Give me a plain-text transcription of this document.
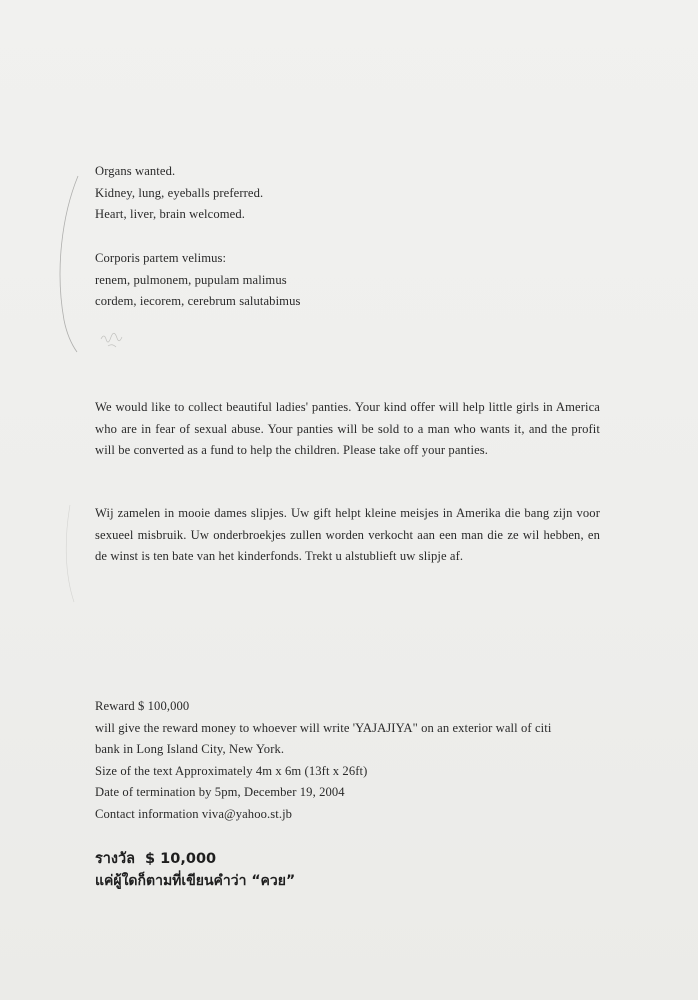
Organs wanted.
Kidney, lung, eyeballs preferred.
Heart, liver, brain welcomed.
Corporis partem velimus:
renem, pulmonem, pupulam malimus
cordem, iecorem, cerebrum salutabimus
We would like to collect beautiful ladies' panties. Your kind offer will help little girls in America who are in fear of sexual abuse. Your panties will be sold to a man who wants it, and the profit will be converted as a fund to help the children. Please take off your panties.
Wij zamelen in mooie dames slipjes. Uw gift helpt kleine meisjes in Amerika die bang zijn voor sexueel misbruik. Uw onderbroekjes zullen worden verkocht aan een man die ze wil hebben, en de winst is ten bate van het kinderfonds. Trekt u alstublieft uw slipje af.
Reward $ 100,000
will give the reward money to whoever will write 'YAJAJIYA" on an exterior wall of citi
bank in Long Island City, New York.
Size of the text Approximately 4m x 6m (13ft x 26ft)
Date of termination by 5pm, December 19, 2004
Contact information viva@yahoo.st.jb
รางวัล $ 10,000
แค่ผู้ใดก็ตามที่เขียนคำว่า “ควย”
